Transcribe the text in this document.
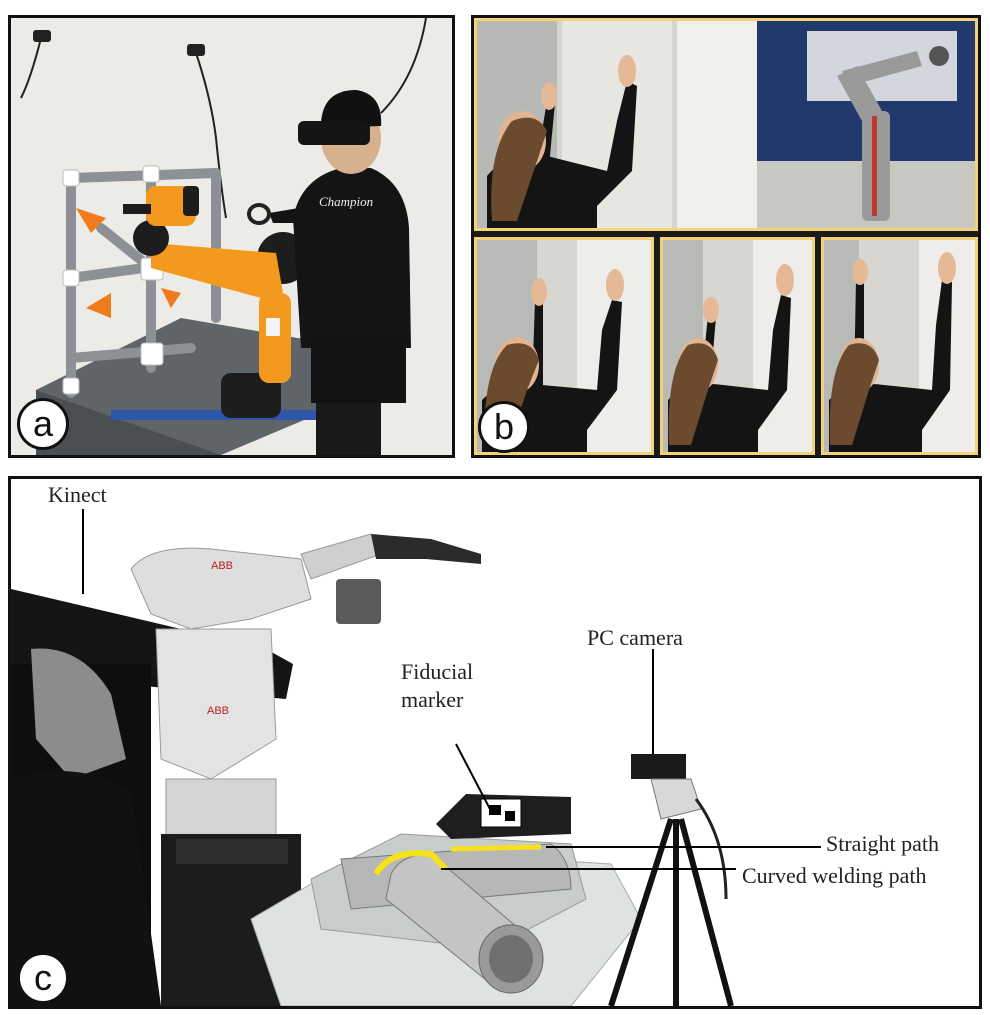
Champion
a	b
ABB
ABB
Kinect
Fiducial
marker
PC camera
Straight path
Curved welding path
c
